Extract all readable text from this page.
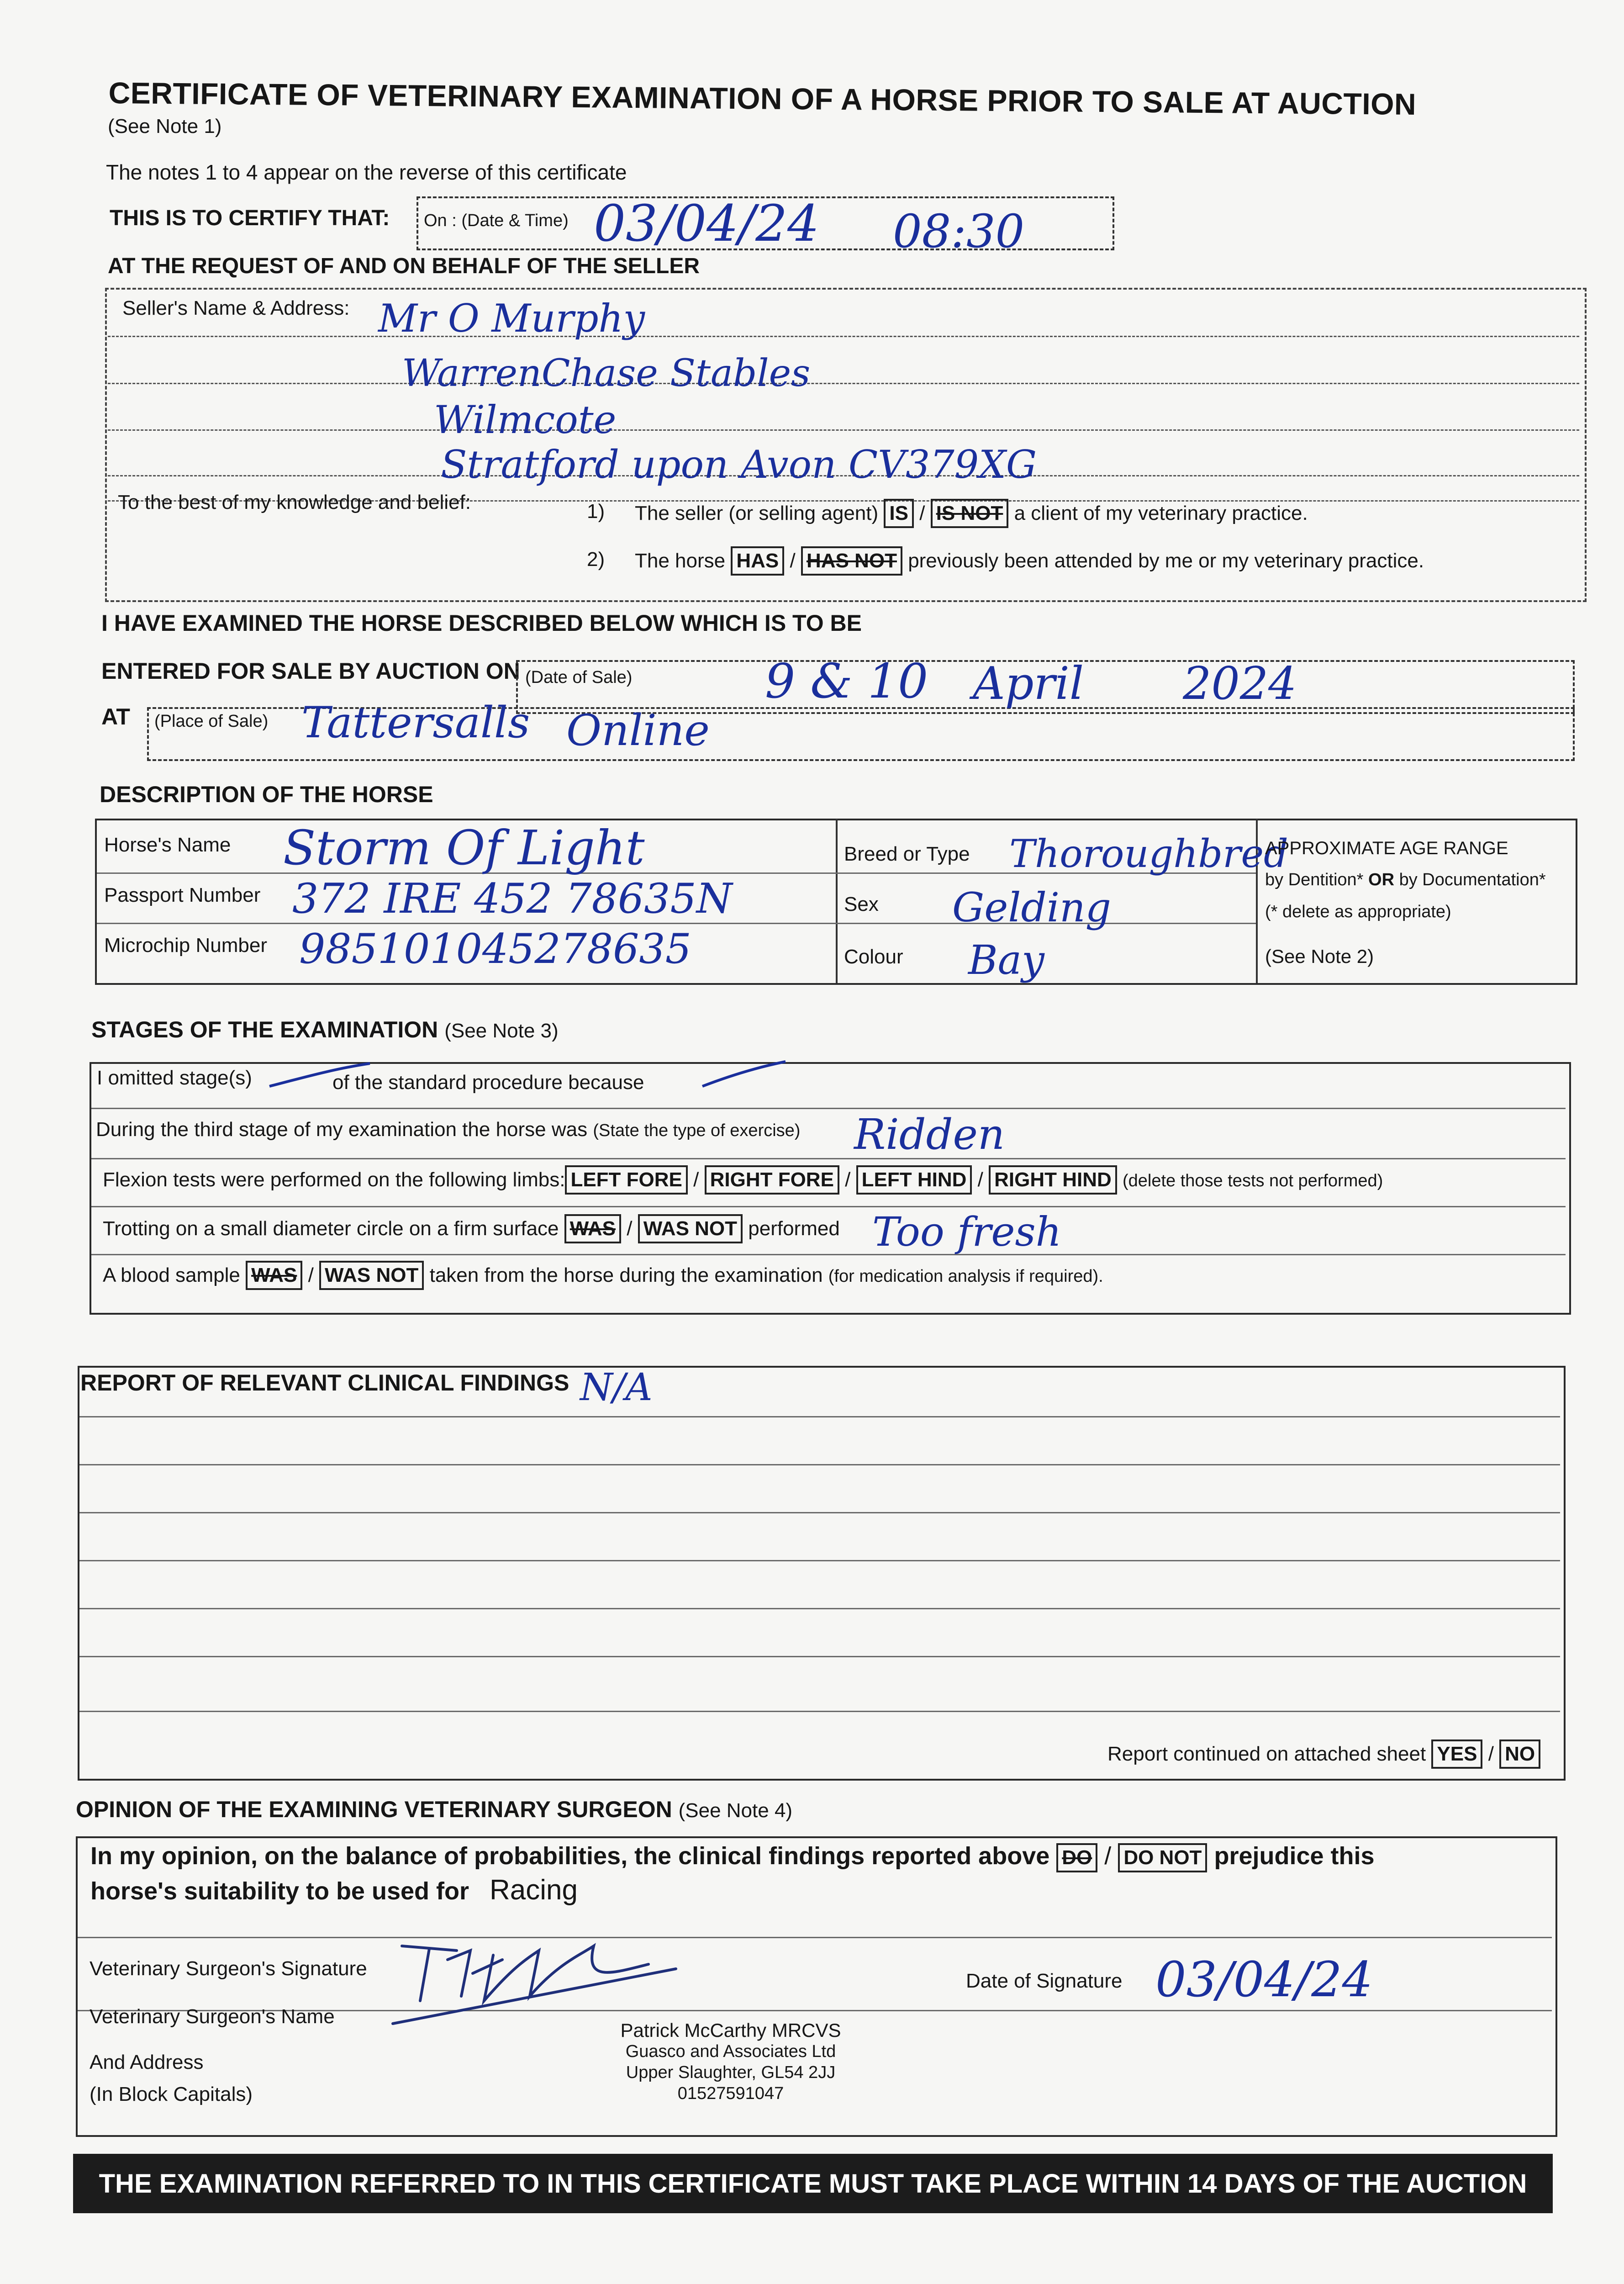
CERTIFICATE OF VETERINARY EXAMINATION OF A HORSE PRIOR TO SALE AT AUCTION
(See Note 1)
The notes 1 to 4 appear on the reverse of this certificate
THIS IS TO CERTIFY THAT: On : (Date & Time) 03/04/24 08:30
AT THE REQUEST OF AND ON BEHALF OF THE SELLER
Seller's Name & Address: Mr O Murphy
WarrenChase Stables
Wilmcote
Stratford upon Avon CV379XG
To the best of my knowledge and belief:	1) The seller (or selling agent) IS / IS NOT a client of my veterinary practice.
2) The horse HAS / HAS NOT previously been attended by me or my veterinary practice.
I HAVE EXAMINED THE HORSE DESCRIBED BELOW WHICH IS TO BE
ENTERED FOR SALE BY AUCTION ON
AT
(Date of Sale)
(Place of Sale)
9 & 10 April 2024
Tattersalls Online
DESCRIPTION OF THE HORSE
Horse's Name Storm Of Light
Passport Number 372 IRE 452 78635N
Microchip Number 985101045278635
Breed or Type Thoroughbred
Sex Gelding
Colour Bay
APPROXIMATE AGE RANGE
by Dentition* OR by Documentation*
(* delete as appropriate)
(See Note 2)
STAGES OF THE EXAMINATION (See Note 3)
I omitted stage(s)	of the standard procedure because
During the third stage of my examination the horse was (State the type of exercise) Ridden
Flexion tests were performed on the following limbs: LEFT FORE / RIGHT FORE / LEFT HIND / RIGHT HIND (delete those tests not performed)
Trotting on a small diameter circle on a firm surface WAS / WAS NOT performed Too fresh
A blood sample WAS / WAS NOT taken from the horse during the examination (for medication analysis if required).
REPORT OF RELEVANT CLINICAL FINDINGS N/A
Report continued on attached sheet YES / NO
OPINION OF THE EXAMINING VETERINARY SURGEON (See Note 4)
In my opinion, on the balance of probabilities, the clinical findings reported above DO / DO NOT prejudice this
horse's suitability to be used for Racing
Veterinary Surgeon's Signature
Date of Signature 03/04/24
Veterinary Surgeon's Name
And Address
(In Block Capitals)
Patrick McCarthy MRCVS
Guasco and Associates Ltd
Upper Slaughter, GL54 2JJ
01527591047
THE EXAMINATION REFERRED TO IN THIS CERTIFICATE MUST TAKE PLACE WITHIN 14 DAYS OF THE AUCTION
